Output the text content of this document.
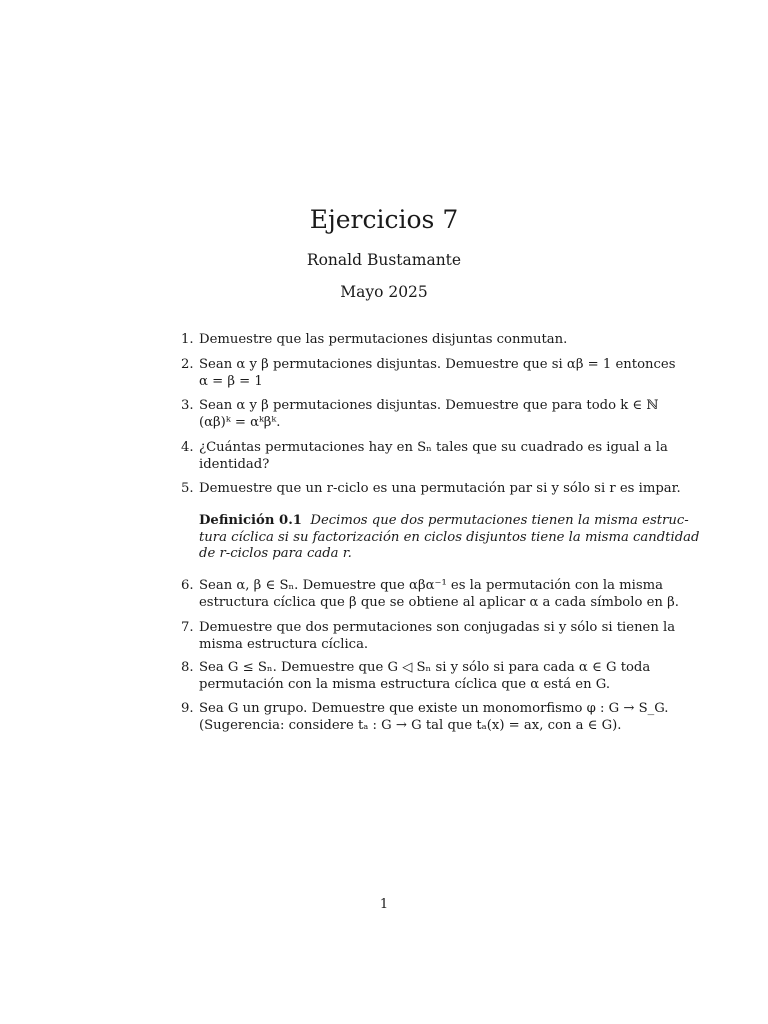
Ejercicios 7
Ronald Bustamante
Mayo 2025
1. Demuestre que las permutaciones disjuntas conmutan.
2. Sean α y β permutaciones disjuntas. Demuestre que si αβ = 1 entonces
α = β = 1
3. Sean α y β permutaciones disjuntas. Demuestre que para todo k ∈ ℕ
(αβ)ᵏ = αᵏβᵏ.
4. ¿Cuántas permutaciones hay en Sₙ tales que su cuadrado es igual a la
identidad?
5. Demuestre que un r-ciclo es una permutación par si y sólo si r es impar.
Definición 0.1 Decimos que dos permutaciones tienen la misma estruc-
tura cíclica si su factorización en ciclos disjuntos tiene la misma candtidad
de r-ciclos para cada r.
6. Sean α, β ∈ Sₙ. Demuestre que αβα⁻¹ es la permutación con la misma
estructura cíclica que β que se obtiene al aplicar α a cada símbolo en β.
7. Demuestre que dos permutaciones son conjugadas si y sólo si tienen la
misma estructura cíclica.
8. Sea G ≤ Sₙ. Demuestre que G ◁ Sₙ si y sólo si para cada α ∈ G toda
permutación con la misma estructura cíclica que α está en G.
9. Sea G un grupo. Demuestre que existe un monomorfismo φ : G → S_G.
(Sugerencia: considere tₐ : G → G tal que tₐ(x) = ax, con a ∈ G).
1
